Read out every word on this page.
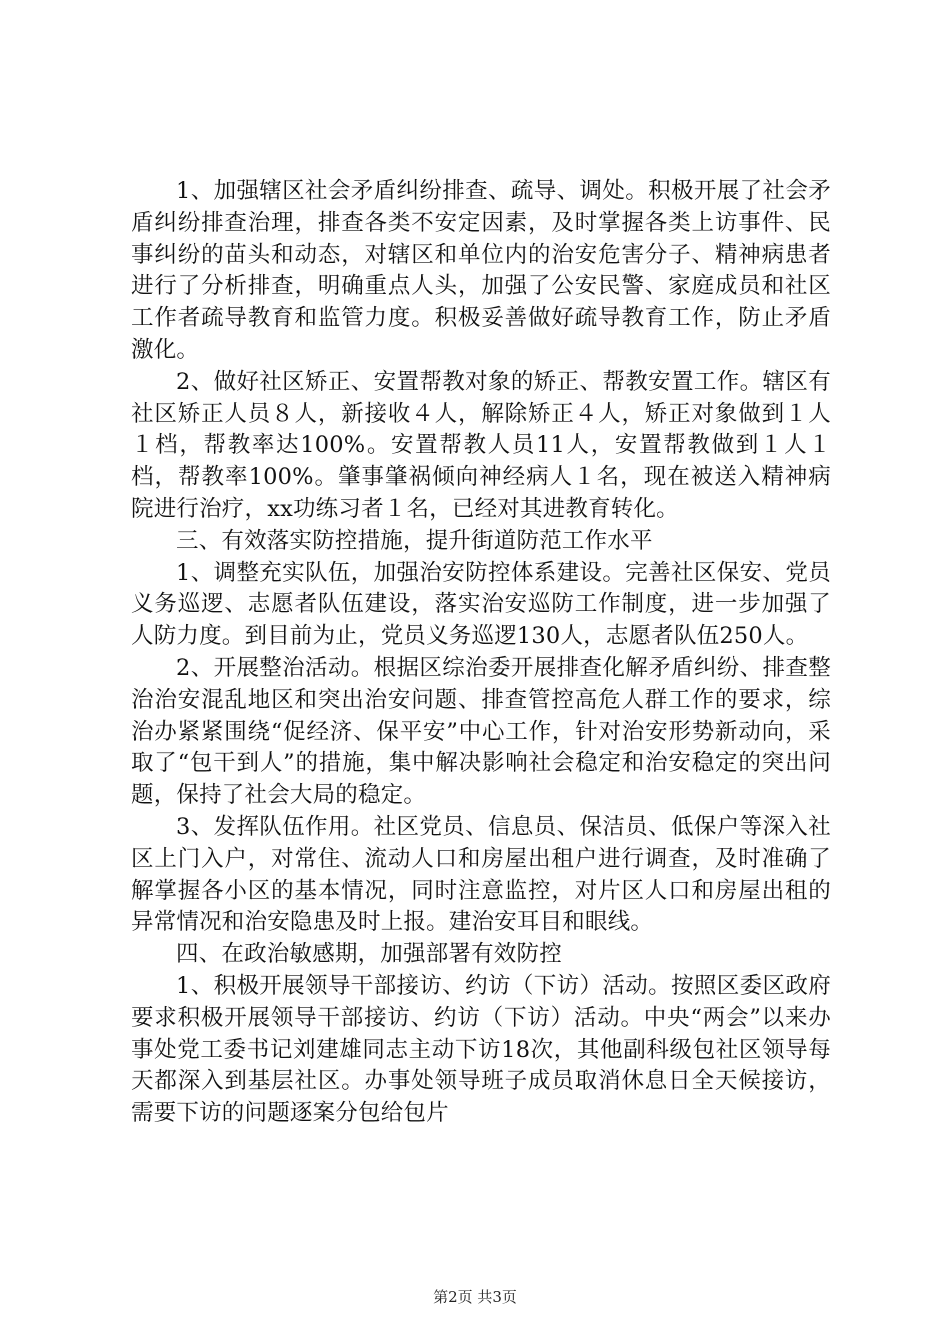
1、加强辖区社会矛盾纠纷排查、疏导、调处。积极开展了社会矛盾纠纷排查治理，排查各类不安定因素，及时掌握各类上访事件、民事纠纷的苗头和动态，对辖区和单位内的治安危害分子、精神病患者进行了分析排查，明确重点人头，加强了公安民警、家庭成员和社区工作者疏导教育和监管力度。积极妥善做好疏导教育工作，防止矛盾激化。

2、做好社区矫正、安置帮教对象的矫正、帮教安置工作。辖区有社区矫正人员８人，新接收４人，解除矫正４人，矫正对象做到１人１档，帮教率达100%。安置帮教人员11人，安置帮教做到１人１档，帮教率100%。肇事肇祸倾向神经病人１名，现在被送入精神病院进行治疗，xx功练习者１名，已经对其进教育转化。

三、有效落实防控措施，提升街道防范工作水平

1、调整充实队伍，加强治安防控体系建设。完善社区保安、党员义务巡逻、志愿者队伍建设，落实治安巡防工作制度，进一步加强了人防力度。到目前为止，党员义务巡逻130人，志愿者队伍250人。

2、开展整治活动。根据区综治委开展排查化解矛盾纠纷、排查整治治安混乱地区和突出治安问题、排查管控高危人群工作的要求，综治办紧紧围绕“促经济、保平安”中心工作，针对治安形势新动向，采取了“包干到人”的措施，集中解决影响社会稳定和治安稳定的突出问题，保持了社会大局的稳定。

3、发挥队伍作用。社区党员、信息员、保洁员、低保户等深入社区上门入户，对常住、流动人口和房屋出租户进行调查，及时准确了解掌握各小区的基本情况，同时注意监控，对片区人口和房屋出租的异常情况和治安隐患及时上报。建治安耳目和眼线。

四、在政治敏感期，加强部署有效防控

1、积极开展领导干部接访、约访（下访）活动。按照区委区政府要求积极开展领导干部接访、约访（下访）活动。中央“两会”以来办事处党工委书记刘建雄同志主动下访18次，其他副科级包社区领导每天都深入到基层社区。办事处领导班子成员取消休息日全天候接访，需要下访的问题逐案分包给包片

第2页 共3页
